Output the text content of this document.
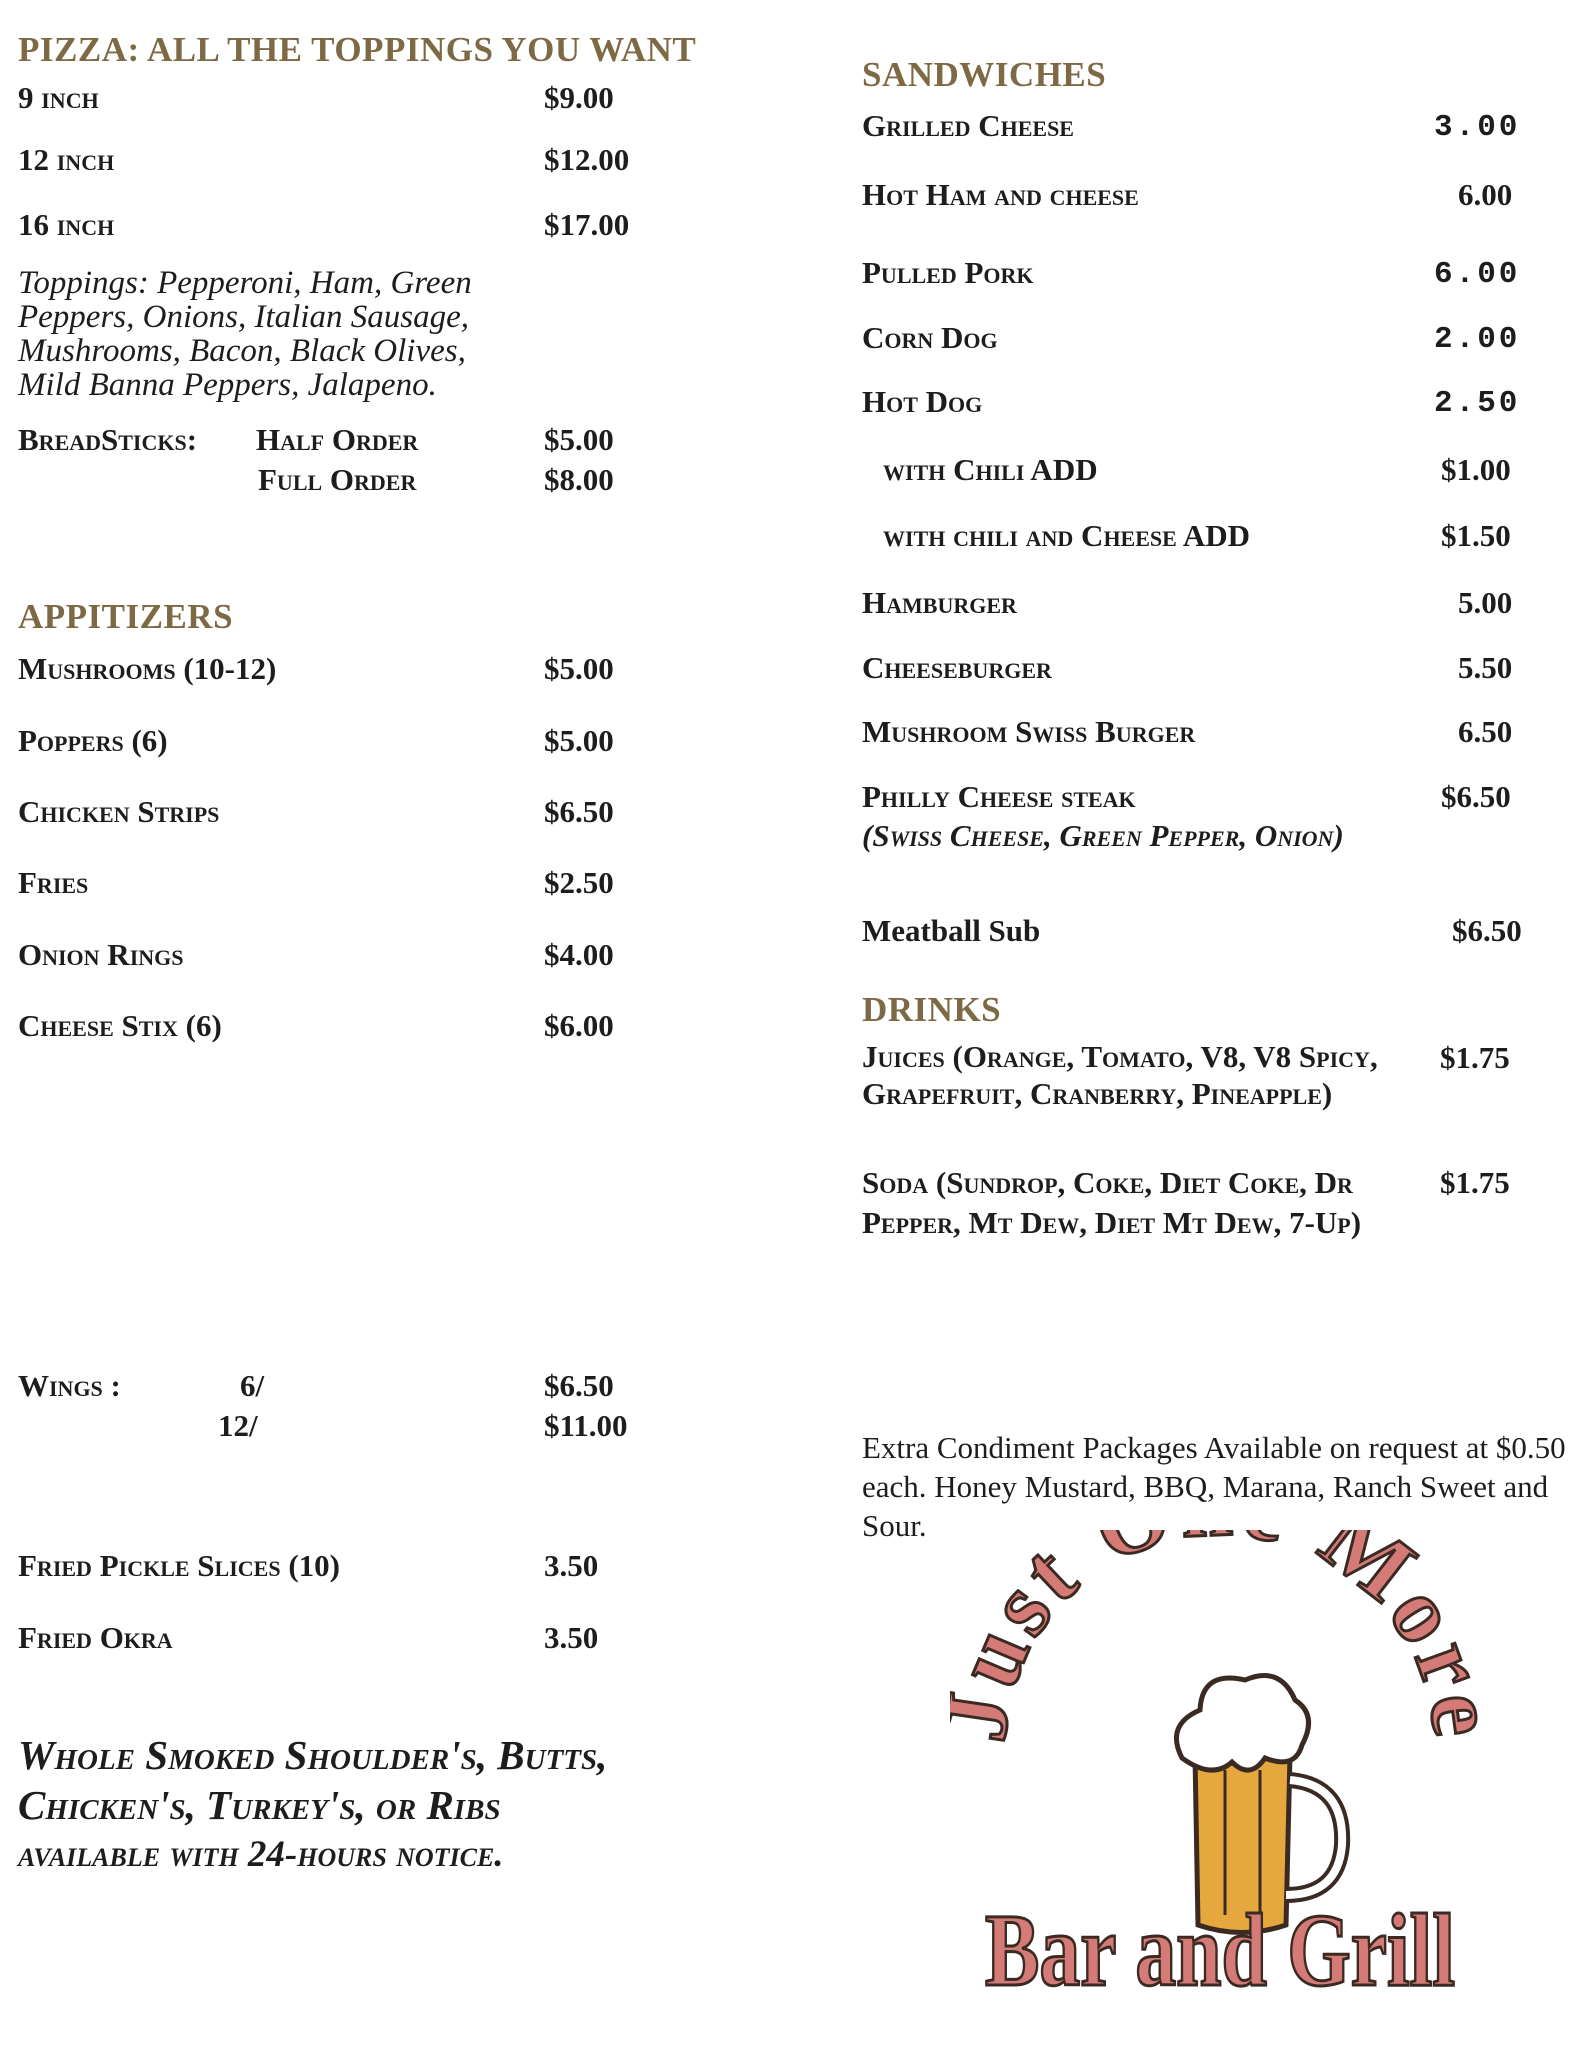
PIZZA: ALL THE TOPPINGS YOU WANT
9 inch	$9.00
12 inch	$12.00
16 inch	$17.00
Toppings: Pepperoni, Ham, Green Peppers, Onions, Italian Sausage, Mushrooms, Bacon, Black Olives, Mild Banna Peppers, Jalapeno.
BreadSticks: Half Order	$5.00
Full Order	$8.00
APPITIZERS
Mushrooms (10-12)	$5.00
Poppers (6)	$5.00
Chicken Strips	$6.50
Fries	$2.50
Onion Rings	$4.00
Cheese Stix (6)	$6.00
Wings :	6/	$6.50
12/	$11.00
Fried Pickle Slices (10)	3.50
Fried Okra	3.50
Whole Smoked Shoulder's, Butts,
Chicken's, Turkey's, or Ribs
available with 24-hours notice.
SANDWICHES
Grilled Cheese	3.00
Hot Ham and cheese	6.00
Pulled Pork	6.00
Corn Dog	2.00
Hot Dog	2.50
with Chili ADD	$1.00
with chili and Cheese ADD	$1.50
Hamburger	5.00
Cheeseburger	5.50
Mushroom Swiss Burger	6.50
Philly Cheese steak	$6.50
(Swiss Cheese, Green Pepper, Onion)
Meatball Sub	$6.50
DRINKS
Juices (Orange, Tomato, V8, V8 Spicy, Grapefruit, Cranberry, Pineapple)
$1.75
Soda (Sundrop, Coke, Diet Coke, Dr Pepper, Mt Dew, Diet Mt Dew, 7-Up)
$1.75
Extra Condiment Packages Available on request at $0.50 each. Honey Mustard, BBQ, Marana, Ranch Sweet and Sour.
st Mo
Bar and Grill
